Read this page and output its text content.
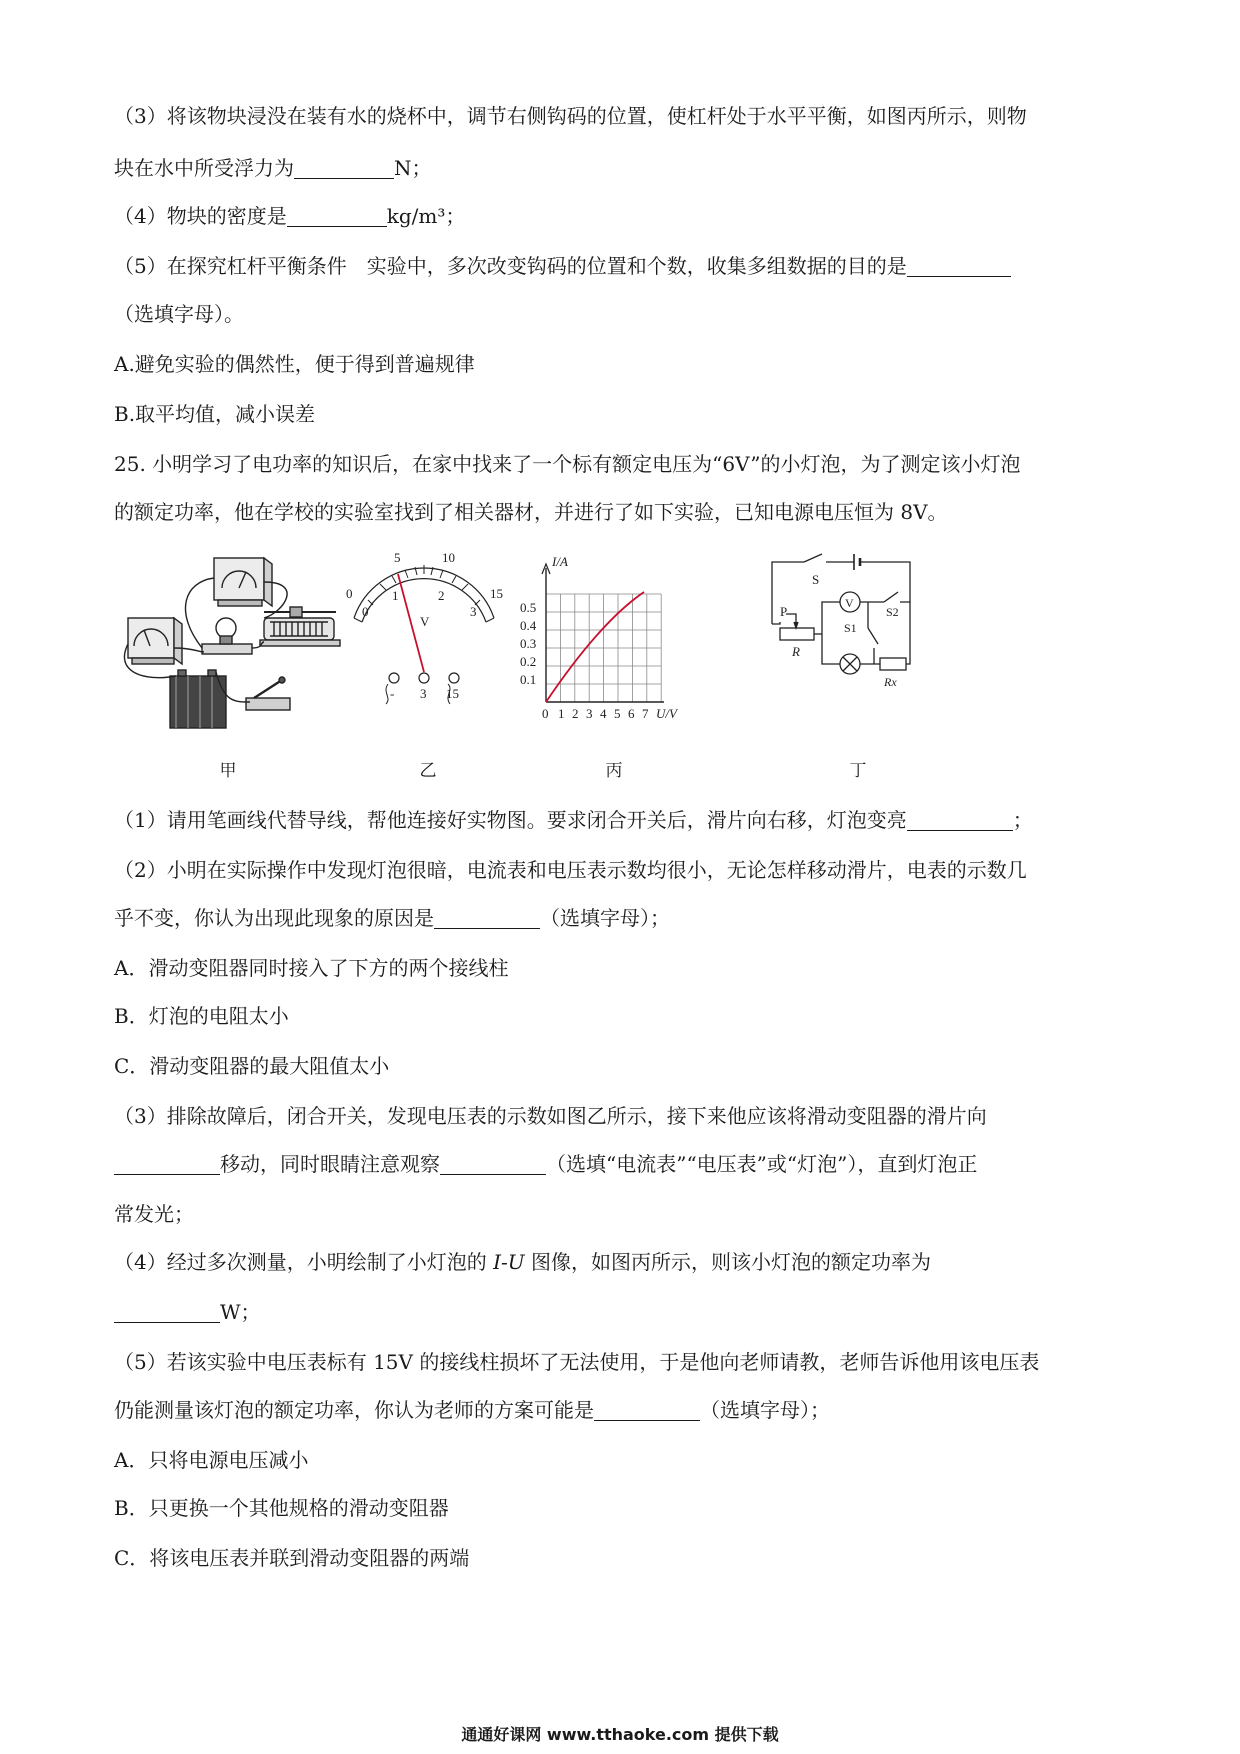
（3）将该物块浸没在装有水的烧杯中，调节右侧钩码的位置，使杠杆处于水平平衡，如图丙所示，则物
块在水中所受浮力为	N；
（4）物块的密度是	kg/m³；
（5）在探究杠杆平衡条件　实验中，多次改变钩码的位置和个数，收集多组数据的目的是
（选填字母）。
A.避免实验的偶然性，便于得到普遍规律
B.取平均值，减小误差
25. 小明学习了电功率的知识后，在家中找来了一个标有额定电压为“6V”的小灯泡，为了测定该小灯泡
的额定功率，他在学校的实验室找到了相关器材，并进行了如下实验，已知电源电压恒为 8V。
甲
0
5	10
15
0
1	2
3
V
- 3 15
乙
I/A
U/V
0.5
0.4
0.3
0.2
0.1
0 1 2 3 4 5 6 7
丙
S
V
S2
S1
P
R
Rx
丁
（1）请用笔画线代替导线，帮他连接好实物图。要求闭合开关后，滑片向右移，灯泡变亮	；
（2）小明在实际操作中发现灯泡很暗，电流表和电压表示数均很小，无论怎样移动滑片，电表的示数几
乎不变，你认为出现此现象的原因是	（选填字母）；
A．滑动变阻器同时接入了下方的两个接线柱
B．灯泡的电阻太小
C．滑动变阻器的最大阻值太小
（3）排除故障后，闭合开关，发现电压表的示数如图乙所示，接下来他应该将滑动变阻器的滑片向
移动，同时眼睛注意观察	（选填“电流表”“电压表”或“灯泡”），直到灯泡正
常发光；
（4）经过多次测量，小明绘制了小灯泡的 I-U 图像，如图丙所示，则该小灯泡的额定功率为
W；
（5）若该实验中电压表标有 15V 的接线柱损坏了无法使用，于是他向老师请教，老师告诉他用该电压表
仍能测量该灯泡的额定功率，你认为老师的方案可能是	（选填字母）；
A．只将电源电压减小
B．只更换一个其他规格的滑动变阻器
C．将该电压表并联到滑动变阻器的两端
通通好课网 www.tthaoke.com 提供下载
